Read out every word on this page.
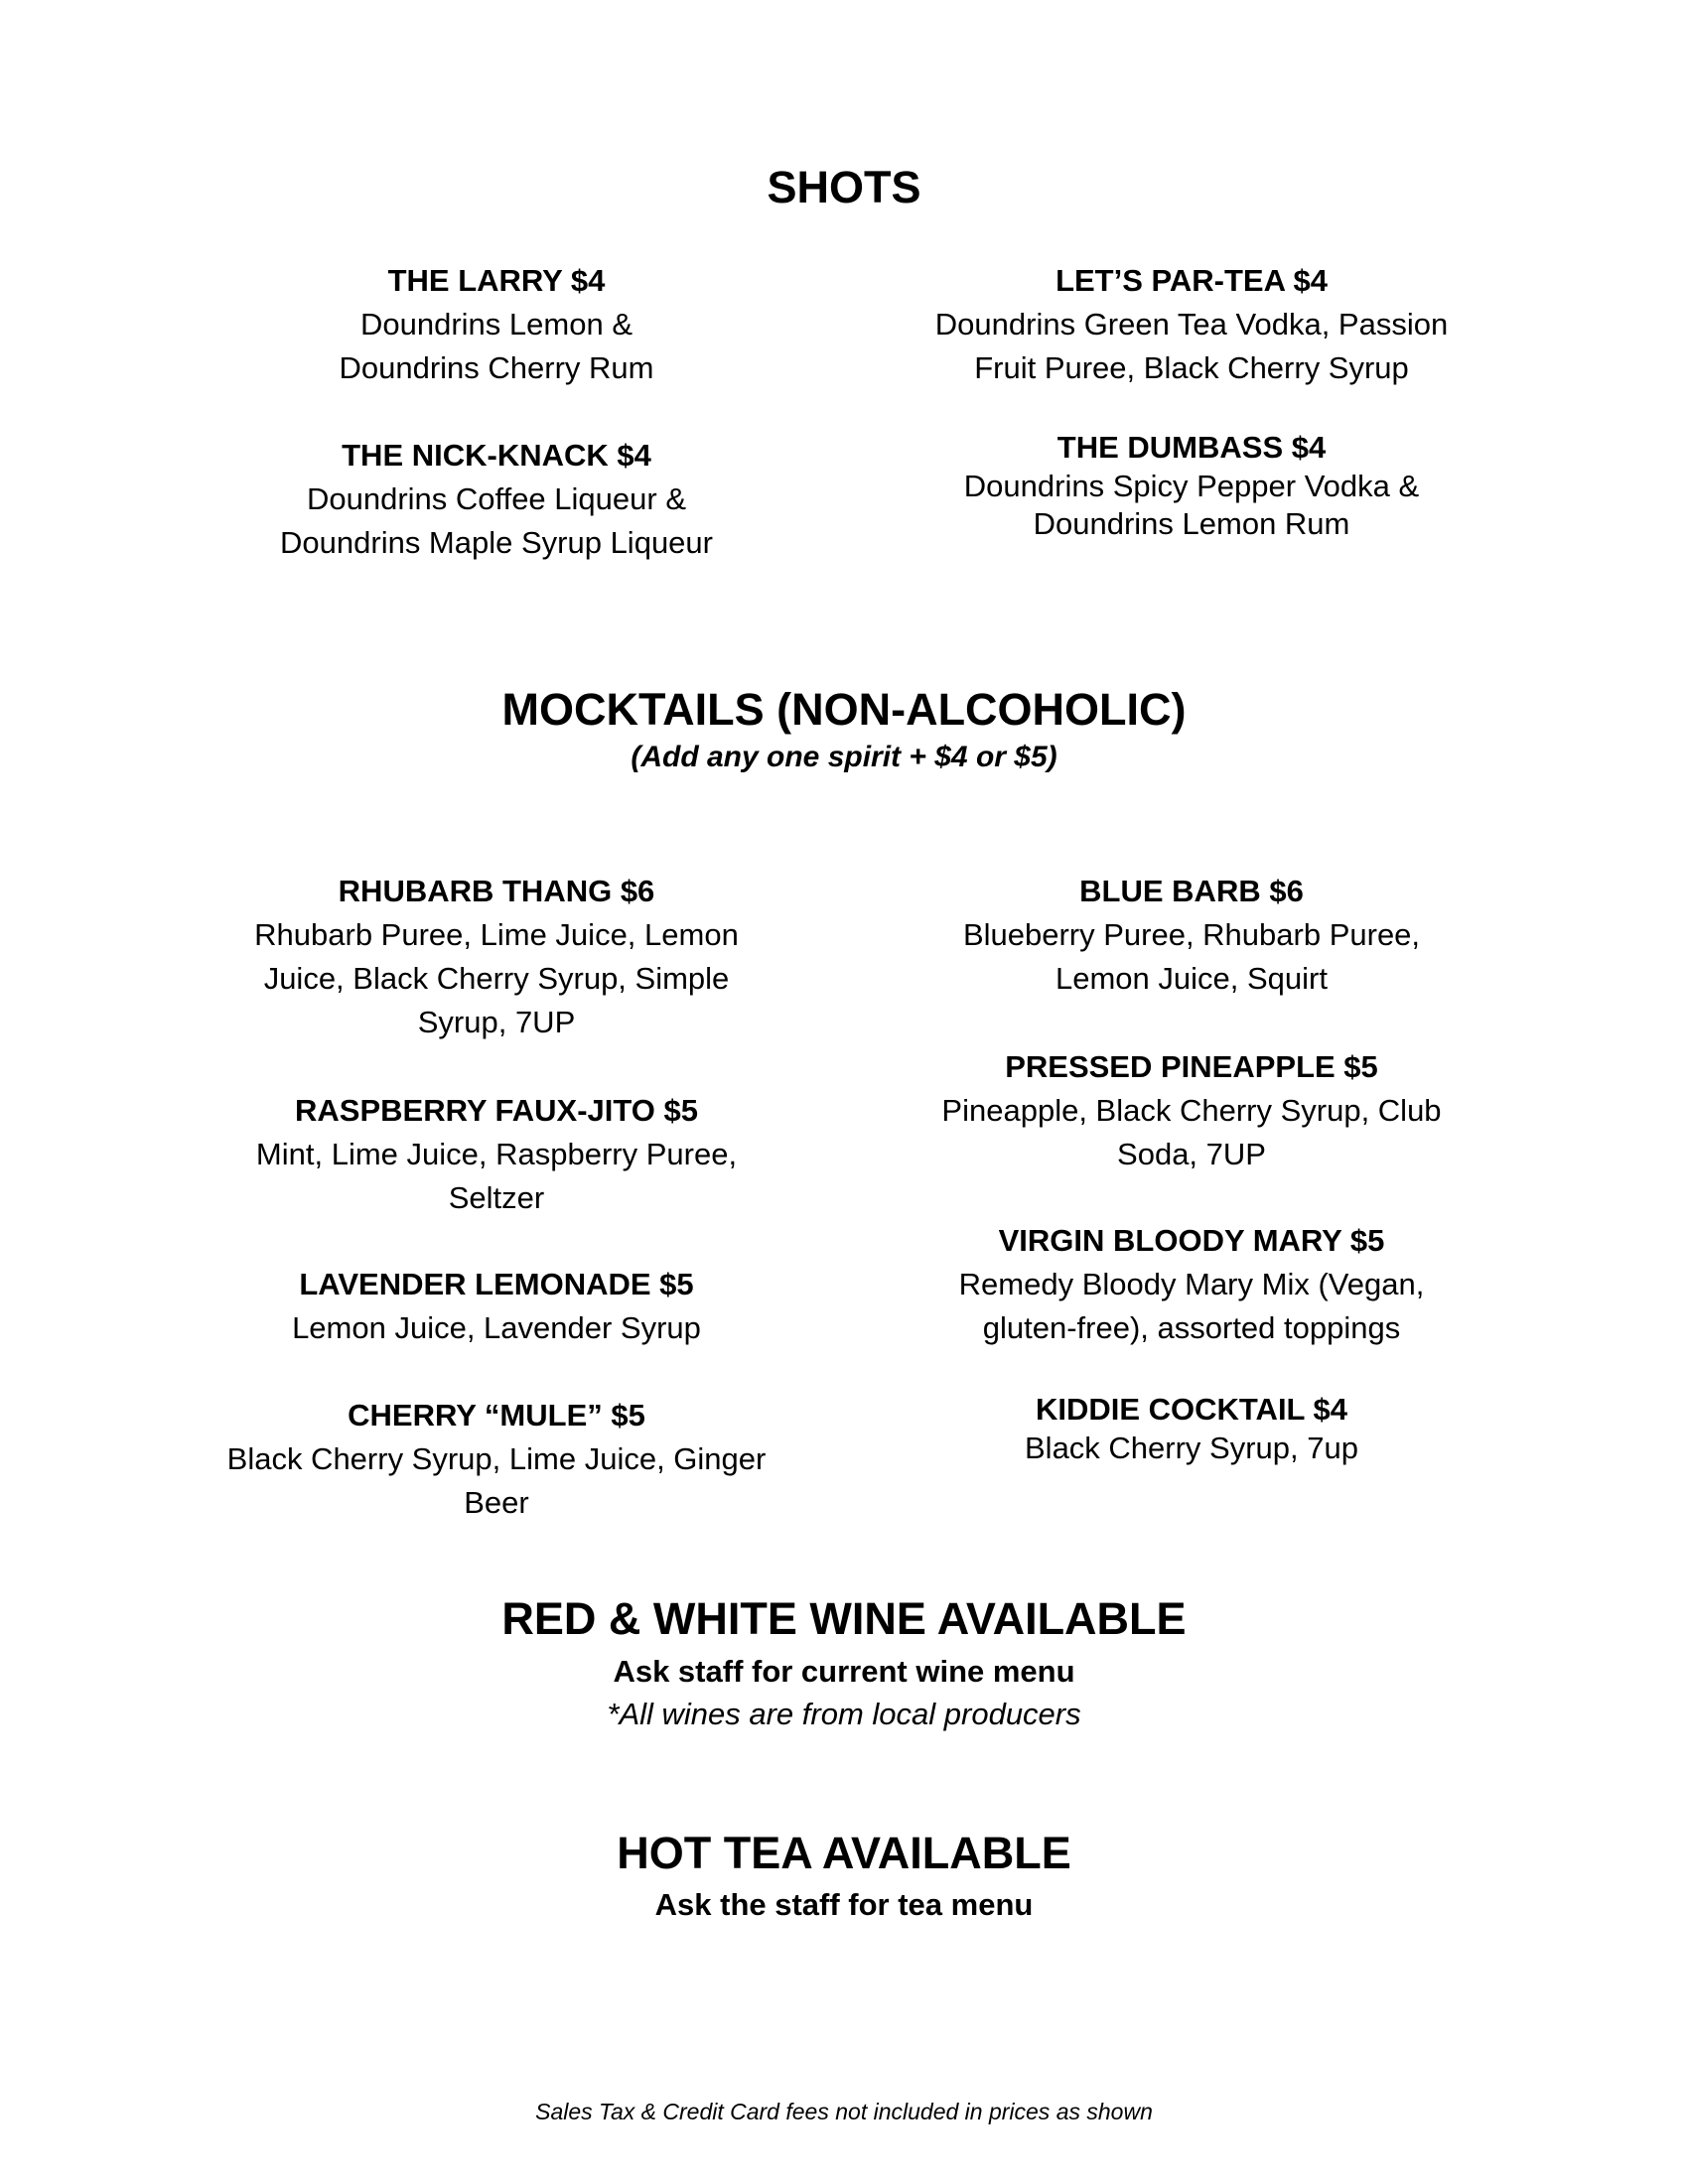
SHOTS
THE LARRY $4
Doundrins Lemon &
Doundrins Cherry Rum
LET’S PAR-TEA $4
Doundrins Green Tea Vodka, Passion
Fruit Puree, Black Cherry Syrup
THE NICK-KNACK $4
Doundrins Coffee Liqueur &
Doundrins Maple Syrup Liqueur
THE DUMBASS $4
Doundrins Spicy Pepper Vodka &
Doundrins Lemon Rum
MOCKTAILS (NON-ALCOHOLIC)
(Add any one spirit + $4 or $5)
RHUBARB THANG $6
Rhubarb Puree, Lime Juice, Lemon
Juice, Black Cherry Syrup, Simple
Syrup, 7UP
BLUE BARB $6
Blueberry Puree, Rhubarb Puree,
Lemon Juice, Squirt
PRESSED PINEAPPLE $5
Pineapple, Black Cherry Syrup, Club
Soda, 7UP
RASPBERRY FAUX-JITO $5
Mint, Lime Juice, Raspberry Puree,
Seltzer
VIRGIN BLOODY MARY $5
Remedy Bloody Mary Mix (Vegan,
gluten-free), assorted toppings
LAVENDER LEMONADE $5
Lemon Juice, Lavender Syrup
KIDDIE COCKTAIL $4
Black Cherry Syrup, 7up
CHERRY “MULE” $5
Black Cherry Syrup, Lime Juice, Ginger
Beer
RED & WHITE WINE AVAILABLE
Ask staff for current wine menu
*All wines are from local producers
HOT TEA AVAILABLE
Ask the staff for tea menu
Sales Tax & Credit Card fees not included in prices as shown
